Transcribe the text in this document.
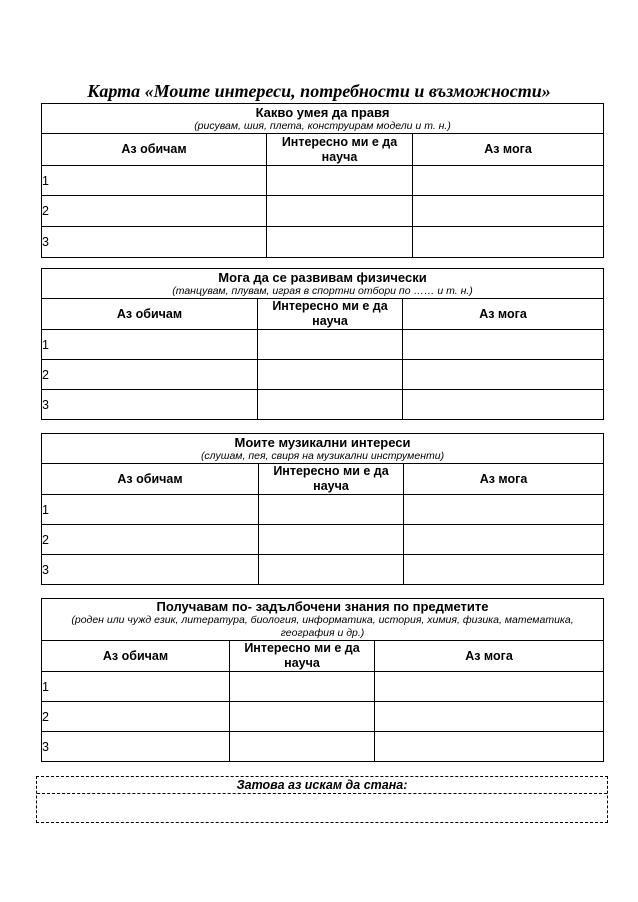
Карта «Моите интереси, потребности и възможности»
Какво умея да правя
(рисувам, шия, плета, конструирам модели и т. н.)		

Аз обичам	Интересно ми е да науча	Аз мога
1		
2		
3		
Мога да се развивам физически
(танцувам, плувам, играя в спортни отбори по …… и т. н.)		

Аз обичам	Интересно ми е да науча	Аз мога
1		
2		
3		
Моите музикални интереси
(слушам, пея, свиря на музикални инструменти)		

Аз обичам	Интересно ми е да науча	Аз мога
1		
2		
3		
Получавам по- задълбочени знания по предметите
(роден или чужд език, литература, биология, информатика, история, химия, физика, математика, география и др.)		

Аз обичам	Интересно ми е да науча	Аз мога
1		
2		
3		
Затова аз искам да стана:
